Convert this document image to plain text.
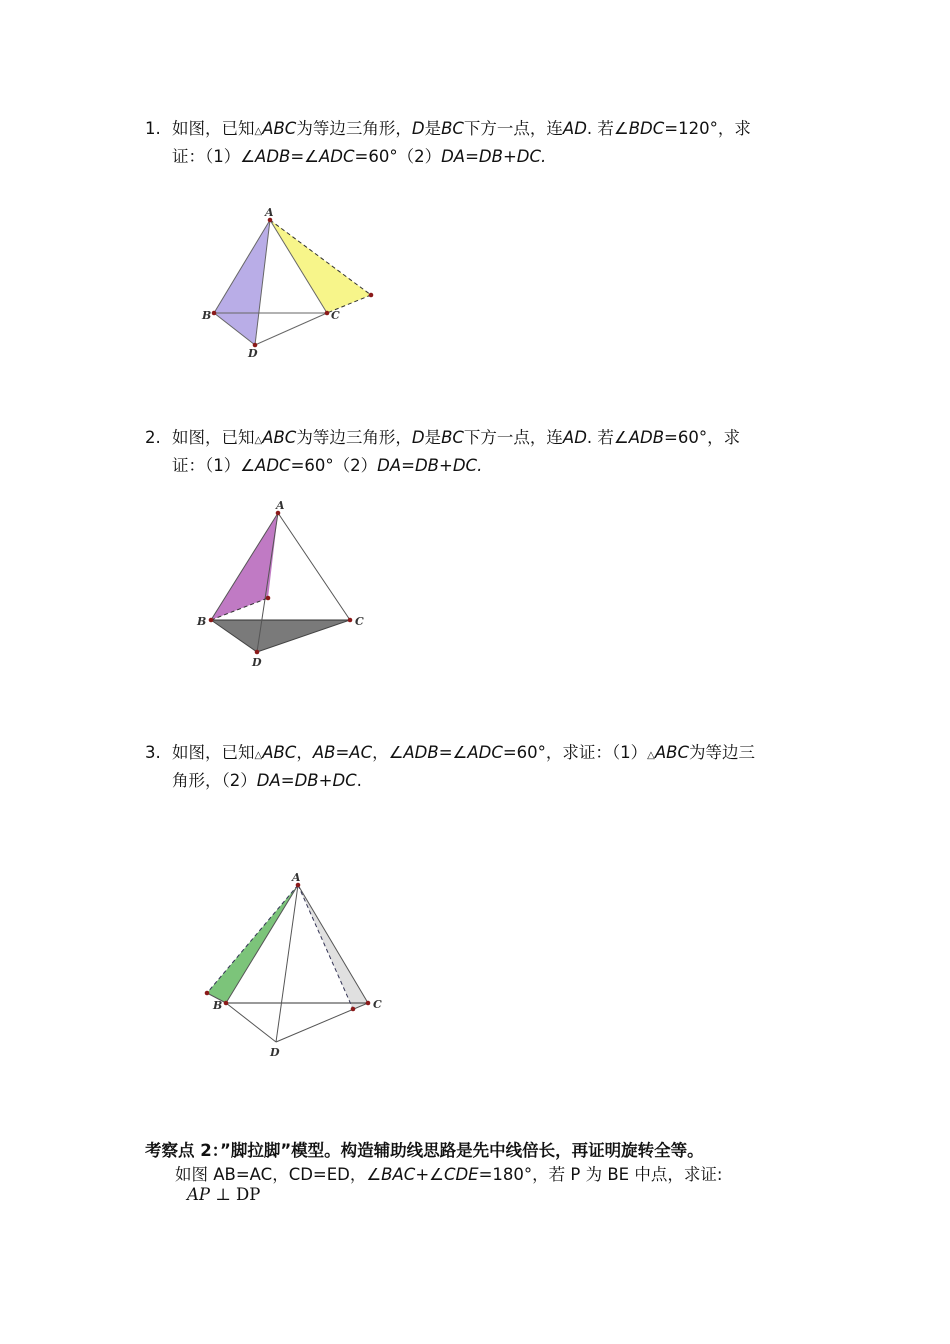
1. 如图，已知△ABC为等边三角形，D是BC下方一点，连AD. 若∠BDC=120°，求
证：（1）∠ADB=∠ADC=60°（2）DA=DB+DC.
A
B	C
D
2. 如图，已知△ABC为等边三角形，D是BC下方一点，连AD. 若∠ADB=60°，求
证：（1）∠ADC=60°（2）DA=DB+DC.
A
B	C
D
3. 如图，已知△ABC，AB=AC，∠ADB=∠ADC=60°，求证：（1）△ABC为等边三
角形，（2）DA=DB+DC.
A
B	C
D
考察点 2：”脚拉脚”模型。构造辅助线思路是先中线倍长，再证明旋转全等。
如图 AB=AC，CD=ED，∠BAC+∠CDE=180°，若 P 为 BE 中点，求证:
AP ⊥ DP
